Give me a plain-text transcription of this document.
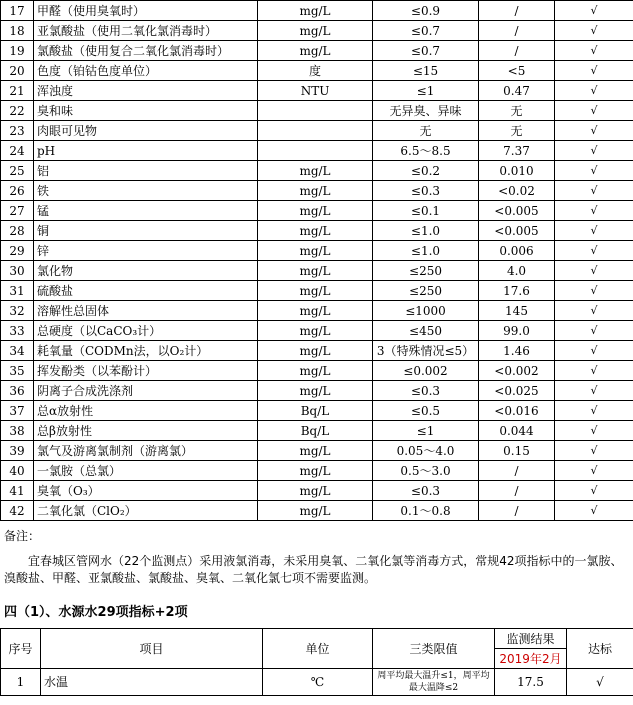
17	甲醛（使用臭氧时）	mg/L	≤0.9	/	√
18	亚氯酸盐（使用二氧化氯消毒时）	mg/L	≤0.7	/	√
19	氯酸盐（使用复合二氧化氯消毒时）	mg/L	≤0.7	/	√
20	色度（铂钴色度单位）	度	≤15	<5	√
21	浑浊度	NTU	≤1	0.47	√
22	臭和味		无异臭、异味	无	√
23	肉眼可见物		无	无	√
24	pH		6.5～8.5	7.37	√
25	铝	mg/L	≤0.2	0.010	√
26	铁	mg/L	≤0.3	<0.02	√
27	锰	mg/L	≤0.1	<0.005	√
28	铜	mg/L	≤1.0	<0.005	√
29	锌	mg/L	≤1.0	0.006	√
30	氯化物	mg/L	≤250	4.0	√
31	硫酸盐	mg/L	≤250	17.6	√
32	溶解性总固体	mg/L	≤1000	145	√
33	总硬度（以CaCO₃计）	mg/L	≤450	99.0	√
34	耗氧量（CODMn法，以O₂计）	mg/L	3（特殊情况≤5）	1.46	√
35	挥发酚类（以苯酚计）	mg/L	≤0.002	<0.002	√
36	阴离子合成洗涤剂	mg/L	≤0.3	<0.025	√
37	总α放射性	Bq/L	≤0.5	<0.016	√
38	总β放射性	Bq/L	≤1	0.044	√
39	氯气及游离氯制剂（游离氯）	mg/L	0.05～4.0	0.15	√
40	一氯胺（总氯）	mg/L	0.5～3.0	/	√
41	臭氧（O₃）	mg/L	≤0.3	/	√
42	二氧化氯（ClO₂）	mg/L	0.1～0.8	/	√
备注：
宜春城区管网水（22个监测点）采用液氯消毒，未采用臭氧、二氧化氯等消毒方式，常规42项指标中的一氯胺、溴酸盐、甲醛、亚氯酸盐、氯酸盐、臭氧、二氧化氯七项不需要监测。
四（1）、水源水29项指标+2项
序号	项目	单位	三类限值	监测结果	达标
				2019年2月	
1	水温	℃	周平均最大温升≤1，周平均最大温降≤2	17.5	√
